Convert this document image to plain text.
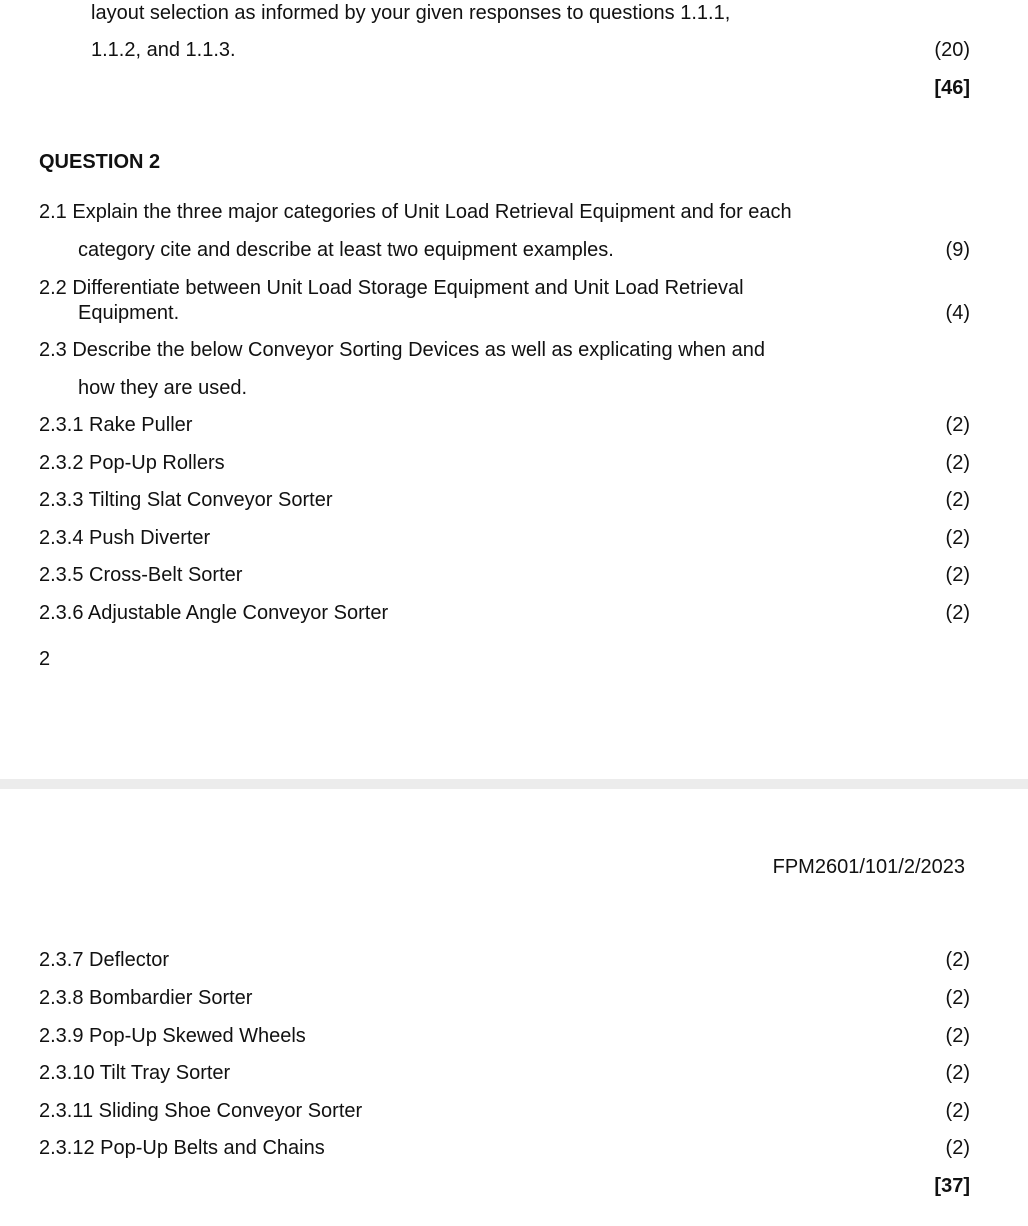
layout selection as informed by your given responses to questions 1.1.1,
1.1.2, and 1.1.3.	(20)
[46]
QUESTION 2
2.1 Explain the three major categories of Unit Load Retrieval Equipment and for each
category cite and describe at least two equipment examples.	(9)
2.2 Differentiate between Unit Load Storage Equipment and Unit Load Retrieval
Equipment.	(4)
2.3 Describe the below Conveyor Sorting Devices as well as explicating when and
how they are used.
2.3.1 Rake Puller	(2)
2.3.2 Pop-Up Rollers	(2)
2.3.3 Tilting Slat Conveyor Sorter	(2)
2.3.4 Push Diverter	(2)
2.3.5 Cross-Belt Sorter	(2)
2.3.6 Adjustable Angle Conveyor Sorter	(2)
2
FPM2601/101/2/2023
2.3.7 Deflector	(2)
2.3.8 Bombardier Sorter	(2)
2.3.9 Pop-Up Skewed Wheels	(2)
2.3.10 Tilt Tray Sorter	(2)
2.3.11 Sliding Shoe Conveyor Sorter	(2)
2.3.12 Pop-Up Belts and Chains	(2)
[37]
